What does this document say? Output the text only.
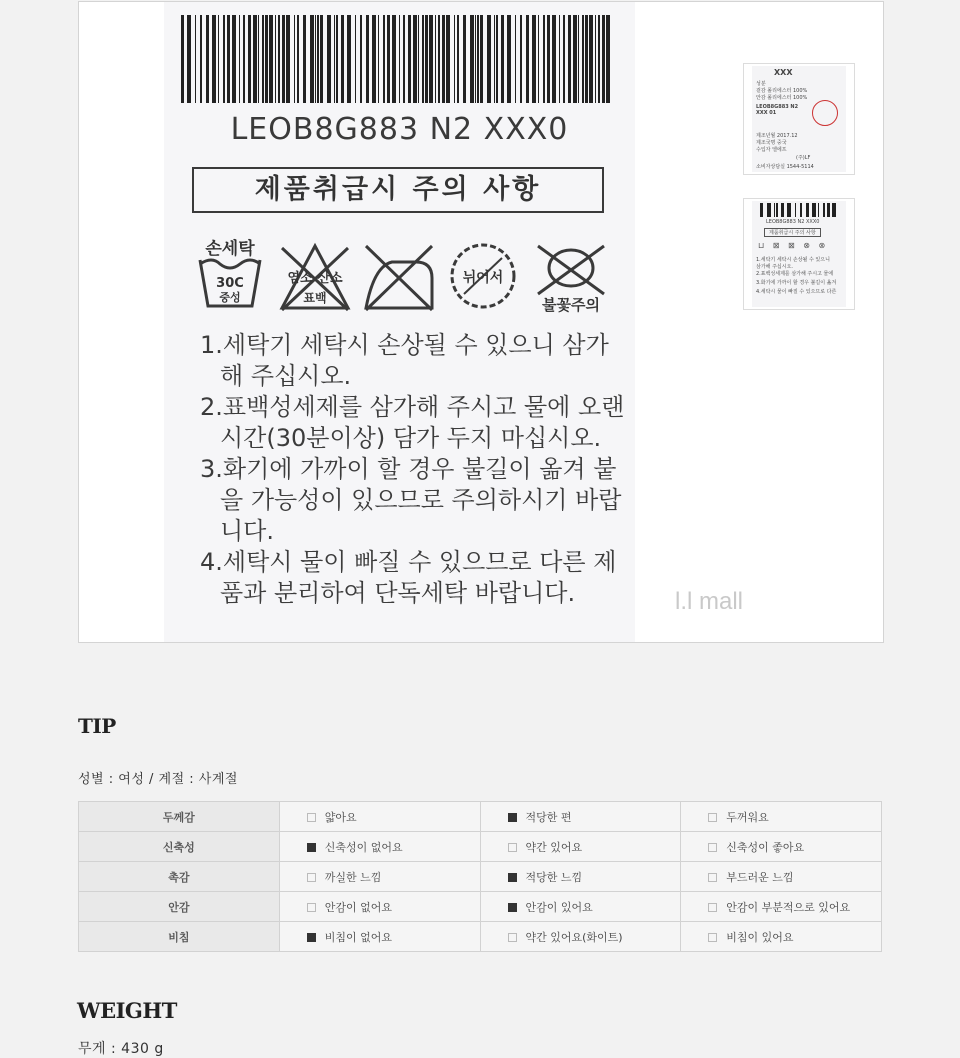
LEOB8G883 N2 XXX0
제품취급시 주의 사항
손세탁
30C
중성
염소 산소
표백
뉘어서
불꽃주의

1.세탁기 세탁시 손상될 수 있으니 삼가해 주십시오.

2.표백성세제를 삼가해 주시고 물에 오랜 시간(30분이상) 담가 두지 마십시오.

3.화기에 가까이 할 경우 불길이 옮겨 붙을 가능성이 있으므로 주의하시기 바랍니다.

4.세탁시 물이 빠질 수 있으므로 다른 제품과 분리하여 단독세탁 바랍니다.	l.l mall
XXX
성분
겉감 폴리에스터 100%
안감 폴리에스터 100%
LEOB8G883 N2 XXX 01
제조년월 2017.12
제조국명 중국
수입자 엘에프
(주)LF
소비자상담실 1544-5114
LEOB8G883 N2 XXX0
제품취급시 주의 사항
⊔ ⊠ ⊠ ⊗ ⊗
1.세탁기 세탁시 손상될 수 있으니
삼가해 주십시오.
2.표백성세제를 삼가해 주시고 물에
3.화기에 가까이 할 경우 불길이 옮겨
4.세탁시 물이 빠질 수 있으므로 다른
TIP
성별 : 여성 / 계절 : 사계절
두께감	얇아요	적당한 편	두꺼워요
신축성	신축성이 없어요	약간 있어요	신축성이 좋아요
촉감	까실한 느낌	적당한 느낌	부드러운 느낌
안감	안감이 없어요	안감이 있어요	안감이 부분적으로 있어요
비침	비침이 없어요	약간 있어요(화이트)	비침이 있어요
WEIGHT
무게 : 430 g
